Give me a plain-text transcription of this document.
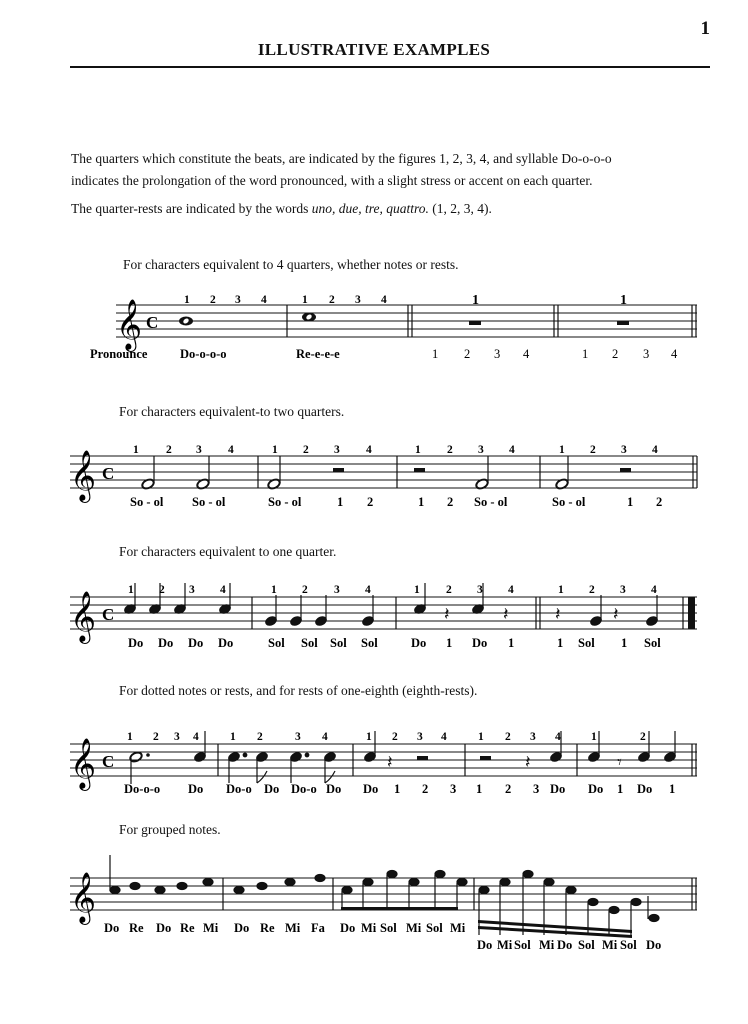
1
ILLUSTRATIVE EXAMPLES
The quarters which constitute the beats, are indicated by the figures 1, 2, 3, 4, and syllable Do-o-o-o
indicates the prolongation of the word pronounced, with a slight stress or accent on each quarter.
The quarter-rests are indicated by the words uno, due, tre, quattro. (1, 2, 3, 4).
For characters equivalent to 4 quarters, whether notes or rests.
For characters equivalent-to two quarters.
For characters equivalent to one quarter.
For dotted notes or rests, and for rests of one-eighth (eighth-rests).
For grouped notes.
𝄞 C
1 2 3 4	1 2 3 4	1	1
Pronounce	Do-o-o-o	Re-e-e-e	1 2 3 4	1 2 3 4
𝄞 C
1 2 3 4	1 2 3 4	1 2 3 4	1 2 3 4
So - ol So - ol	So - ol	1 2	1 2 So - ol	So - ol	1 2
𝄞 C	𝄽	𝄽	𝄽	𝄽
1 2 3 4	1 2 3 4	1 2 3 4	1 2 3 4
Do Do Do Do	Sol Sol Sol Sol	Do 1 Do 1	1 Sol 1 Sol
𝄞 C	𝄽	𝄽	𝄾
1 2 3 4	1 2	3 4	1 2 3 4	1 2 3 4	1	2
Do-o-o Do Do-o Do Do-o Do Do 1 2 3 1 2 3 Do Do 1 Do 1
𝄞
Do Re Do Re Mi Do Re Mi Fa Do Mi Sol Mi Sol Mi
Do Mi Sol Mi Do Sol Mi Sol Do
